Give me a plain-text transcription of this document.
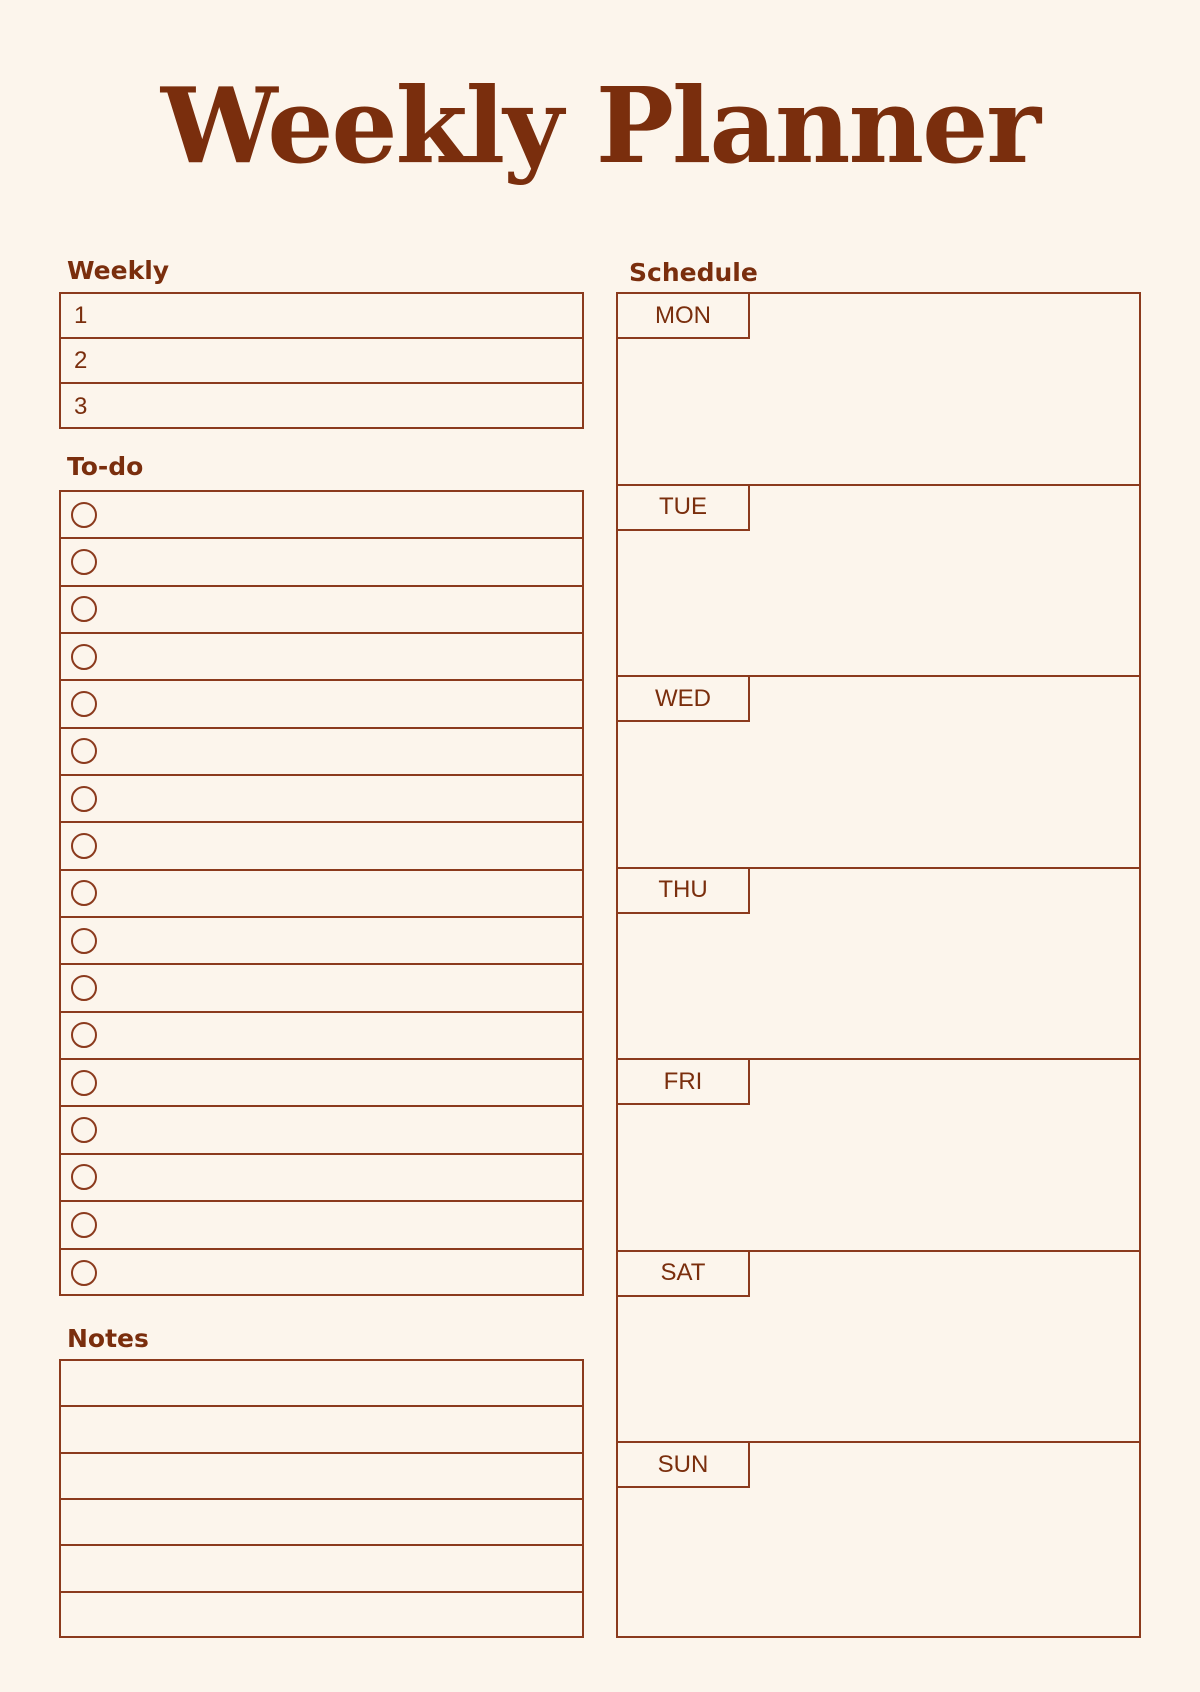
Weekly Planner
Weekly
1
2
3
To-do
Notes
Schedule
MON
TUE
WED
THU
FRI
SAT
SUN
